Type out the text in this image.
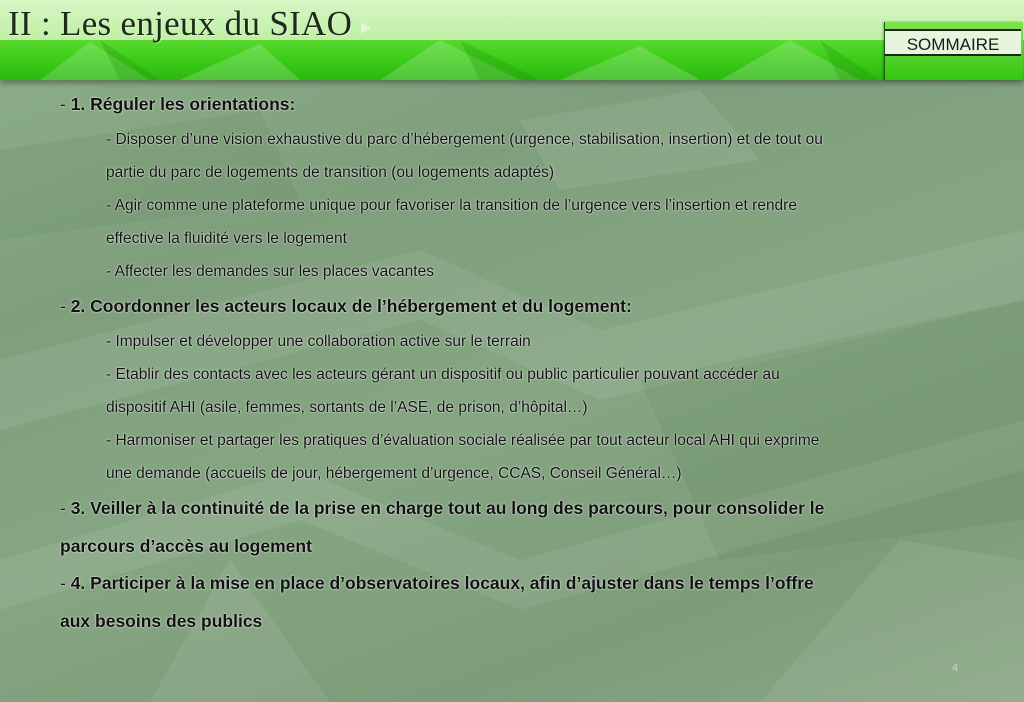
II : Les enjeux du SIAO
SOMMAIRE
- 1. Réguler les orientations:
- Disposer d’une vision exhaustive du parc d’hébergement (urgence, stabilisation, insertion) et de tout ou
partie du parc de logements de transition (ou logements adaptés)
- Agir comme une plateforme unique pour favoriser la transition de l’urgence vers l’insertion et rendre
effective la fluidité vers le logement
- Affecter les demandes sur les places vacantes
- 2. Coordonner les acteurs locaux de l’hébergement et du logement:
- Impulser et développer une collaboration active sur le terrain
- Etablir des contacts avec les acteurs gérant un dispositif ou public particulier pouvant accéder au
dispositif AHI (asile, femmes, sortants de l’ASE, de prison, d’hôpital…)
- Harmoniser et partager les pratiques d’évaluation sociale réalisée par tout acteur local AHI qui exprime
une demande (accueils de jour, hébergement d’urgence, CCAS, Conseil Général…)
- 3. Veiller à la continuité de la prise en charge tout au long des parcours, pour consolider le
parcours d’accès au logement
- 4. Participer à la mise en place d’observatoires locaux, afin d’ajuster dans le temps l’offre
aux besoins des publics
4
